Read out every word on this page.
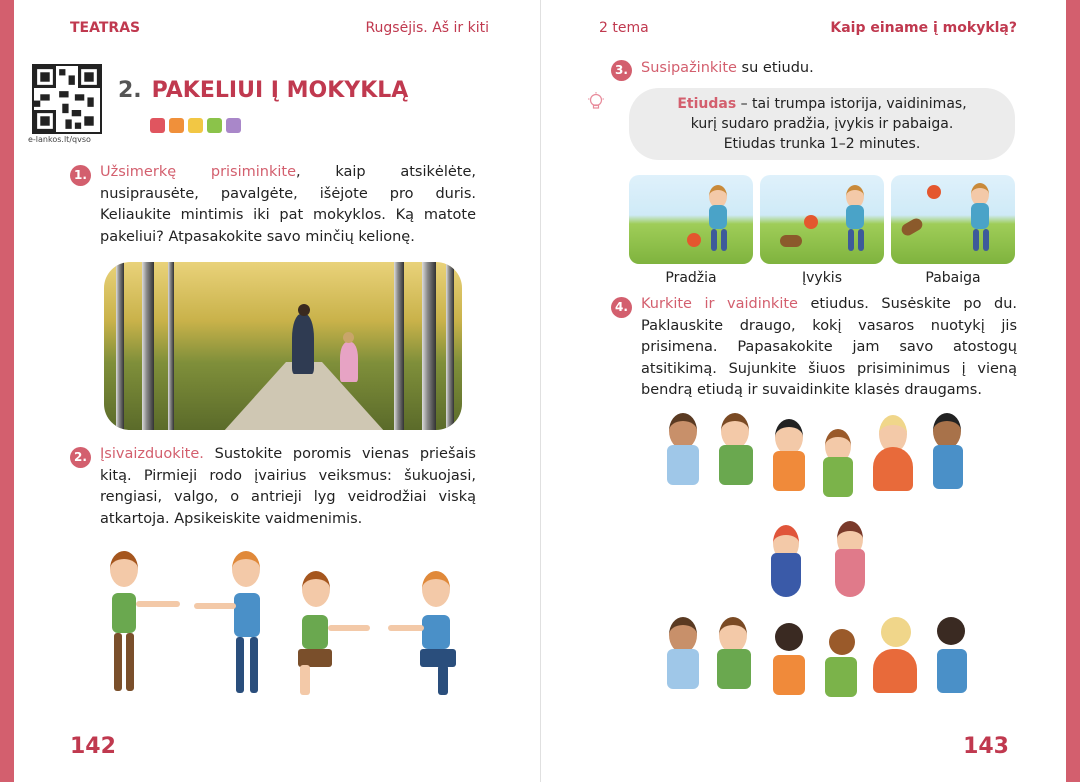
TEATRAS	Rugsėjis. Aš ir kiti
e-lankos.lt/qvso
2. PAKELIUI Į MOKYKLĄ
1. Užsimerkę prisiminkite, kaip atsikėlėte, nusiprausėte, pavalgėte, išėjote pro duris. Keliaukite mintimis iki pat mokyklos. Ką matote pakeliui? Atpasakokite savo minčių kelionę.
2. Įsivaizduokite. Sustokite poromis vienas priešais kitą. Pirmieji rodo įvairius veiksmus: šukuojasi, rengiasi, valgo, o antrieji lyg veidrodžiai viską atkartoja. Apsikeiskite vaidmenimis.
142
2 tema	Kaip einame į mokyklą?
3. Susipažinkite su etiudu.
Etiudas – tai trumpa istorija, vaidinimas,
kurį sudaro pradžia, įvykis ir pabaiga.
Etiudas trunka 1–2 minutes.
Pradžia	Įvykis	Pabaiga
4. Kurkite ir vaidinkite etiudus. Susėskite po du. Paklauskite draugo, kokį vasaros nuotykį jis prisimena. Papasakokite jam savo atostogų atsitikimą. Sujunkite šiuos prisiminimus į vieną bendrą etiudą ir suvaidinkite klasės draugams.
143
